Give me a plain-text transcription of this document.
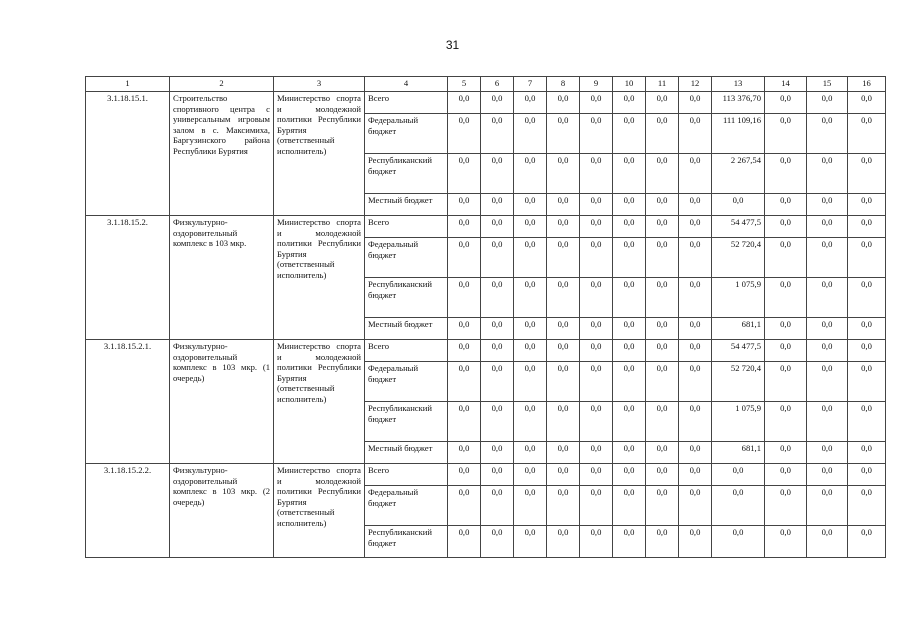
31
1	2	3	4	5	6	7	8	9	10	11	12	13	14	15	16
3.1.18.15.1.	Строительство спортивного центра с универсальным игровым залом в с. Максимиха, Баргузинского района Республики Бурятия	Министерство спорта и молодежной политики Республики Бурятия (ответственный исполнитель)	Всего	0,0	0,0	0,0	0,0	0,0	0,0	0,0	0,0	113 376,70	0,0	0,0	0,0
			Федеральный бюджет	0,0	0,0	0,0	0,0	0,0	0,0	0,0	0,0	111 109,16	0,0	0,0	0,0
			Республиканский бюджет	0,0	0,0	0,0	0,0	0,0	0,0	0,0	0,0	2 267,54	0,0	0,0	0,0
			Местный бюджет	0,0	0,0	0,0	0,0	0,0	0,0	0,0	0,0	0,0	0,0	0,0	0,0
3.1.18.15.2.	Физкультурно-оздоровительный комплекс в 103 мкр.	Министерство спорта и молодежной политики Республики Бурятия (ответственный исполнитель)	Всего	0,0	0,0	0,0	0,0	0,0	0,0	0,0	0,0	54 477,5	0,0	0,0	0,0
			Федеральный бюджет	0,0	0,0	0,0	0,0	0,0	0,0	0,0	0,0	52 720,4	0,0	0,0	0,0
			Республиканский бюджет	0,0	0,0	0,0	0,0	0,0	0,0	0,0	0,0	1 075,9	0,0	0,0	0,0
			Местный бюджет	0,0	0,0	0,0	0,0	0,0	0,0	0,0	0,0	681,1	0,0	0,0	0,0
3.1.18.15.2.1.	Физкультурно-оздоровительный комплекс в 103 мкр. (1 очередь)	Министерство спорта и молодежной политики Республики Бурятия (ответственный исполнитель)	Всего	0,0	0,0	0,0	0,0	0,0	0,0	0,0	0,0	54 477,5	0,0	0,0	0,0
			Федеральный бюджет	0,0	0,0	0,0	0,0	0,0	0,0	0,0	0,0	52 720,4	0,0	0,0	0,0
			Республиканский бюджет	0,0	0,0	0,0	0,0	0,0	0,0	0,0	0,0	1 075,9	0,0	0,0	0,0
			Местный бюджет	0,0	0,0	0,0	0,0	0,0	0,0	0,0	0,0	681,1	0,0	0,0	0,0
3.1.18.15.2.2.	Физкультурно-оздоровительный комплекс в 103 мкр. (2 очередь)	Министерство спорта и молодежной политики Республики Бурятия (ответственный исполнитель)	Всего	0,0	0,0	0,0	0,0	0,0	0,0	0,0	0,0	0,0	0,0	0,0	0,0
			Федеральный бюджет	0,0	0,0	0,0	0,0	0,0	0,0	0,0	0,0	0,0	0,0	0,0	0,0
			Республиканский бюджет	0,0	0,0	0,0	0,0	0,0	0,0	0,0	0,0	0,0	0,0	0,0	0,0
